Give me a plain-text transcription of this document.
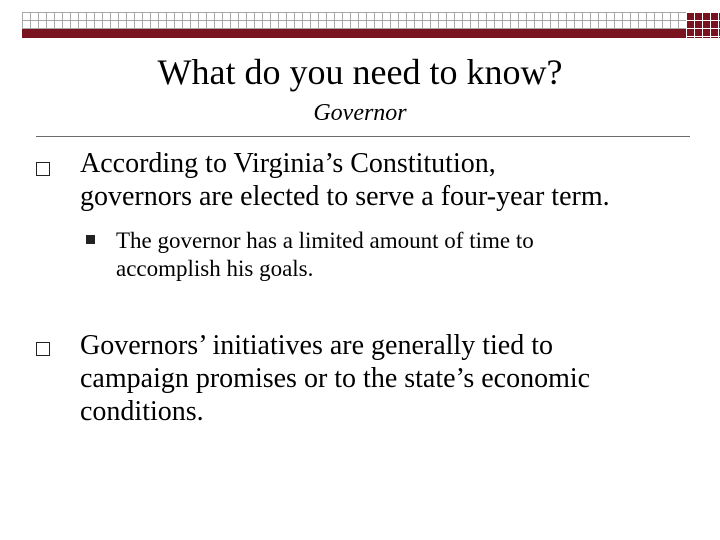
What do you need to know?
Governor
According to Virginia’s Constitution,
governors are elected to serve a four-year term.
The governor has a limited amount of time to
accomplish his goals.
Governors’ initiatives are generally tied to
campaign promises or to the state’s economic
conditions.
